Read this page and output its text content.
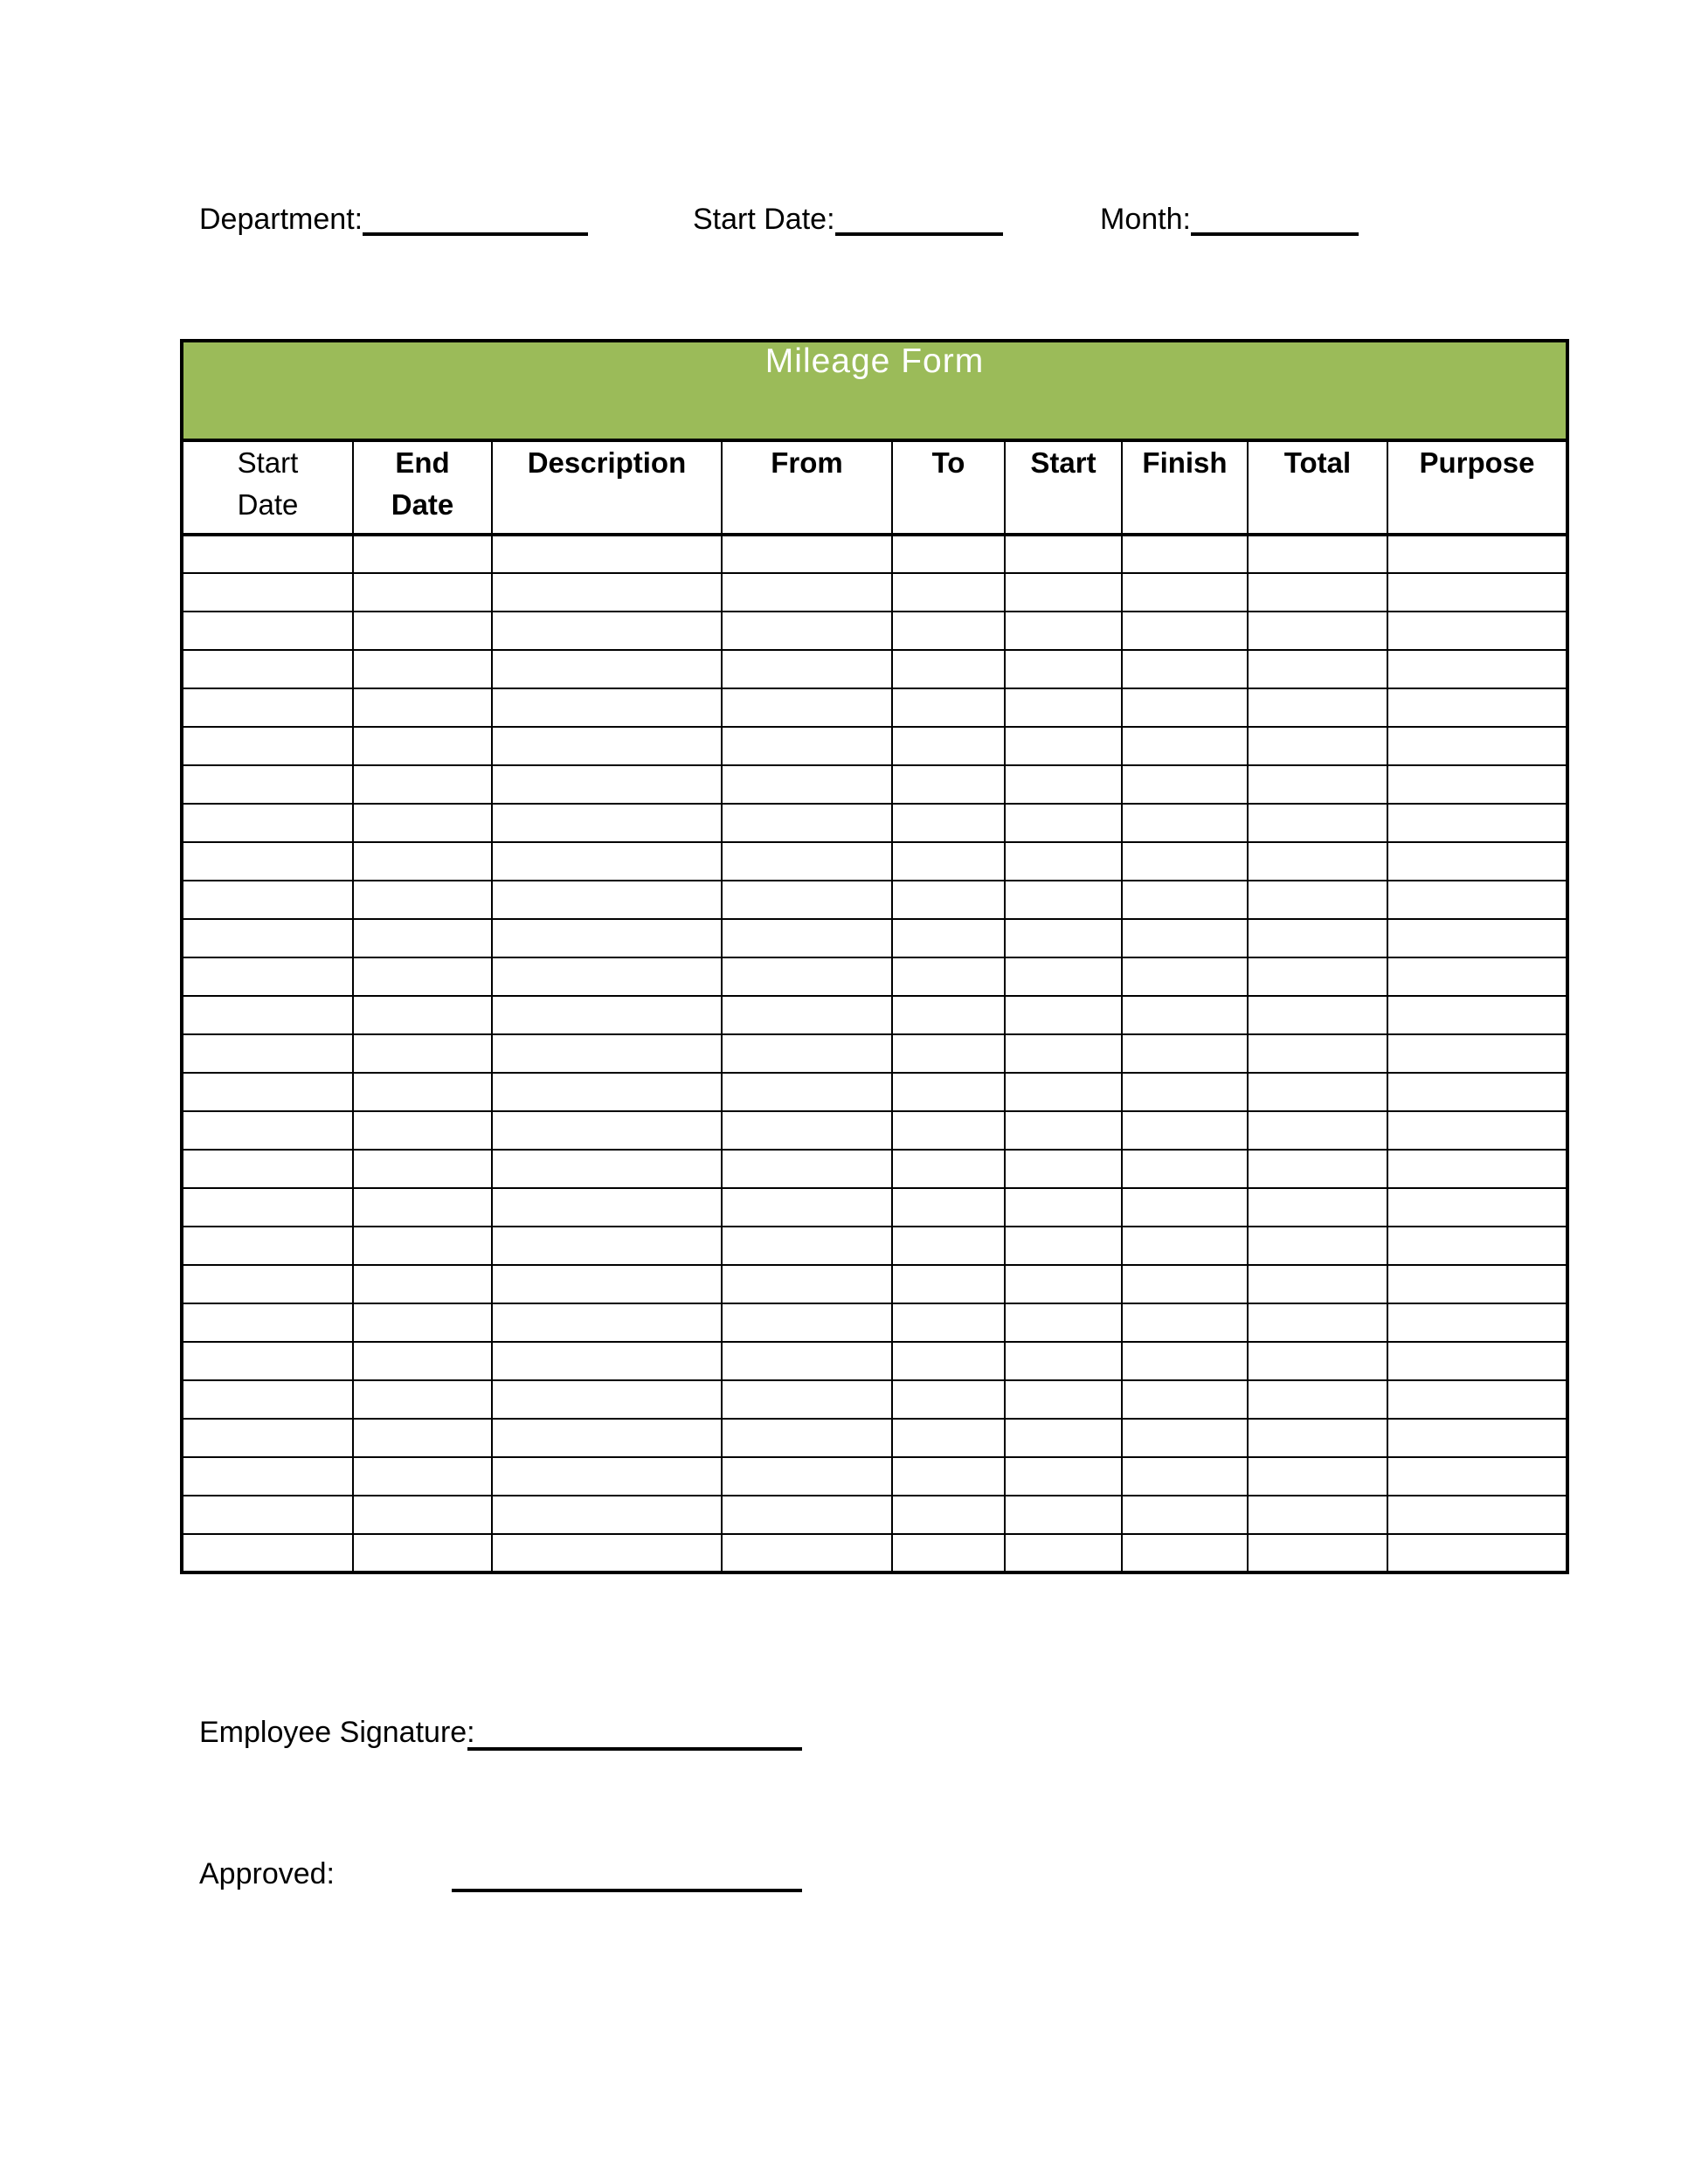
Department:	Start Date:	Month:
Mileage Form								
Start Date	End Date	Description	From	To	Start	Finish	Total	Purpose

Employee Signature:
Approved:
